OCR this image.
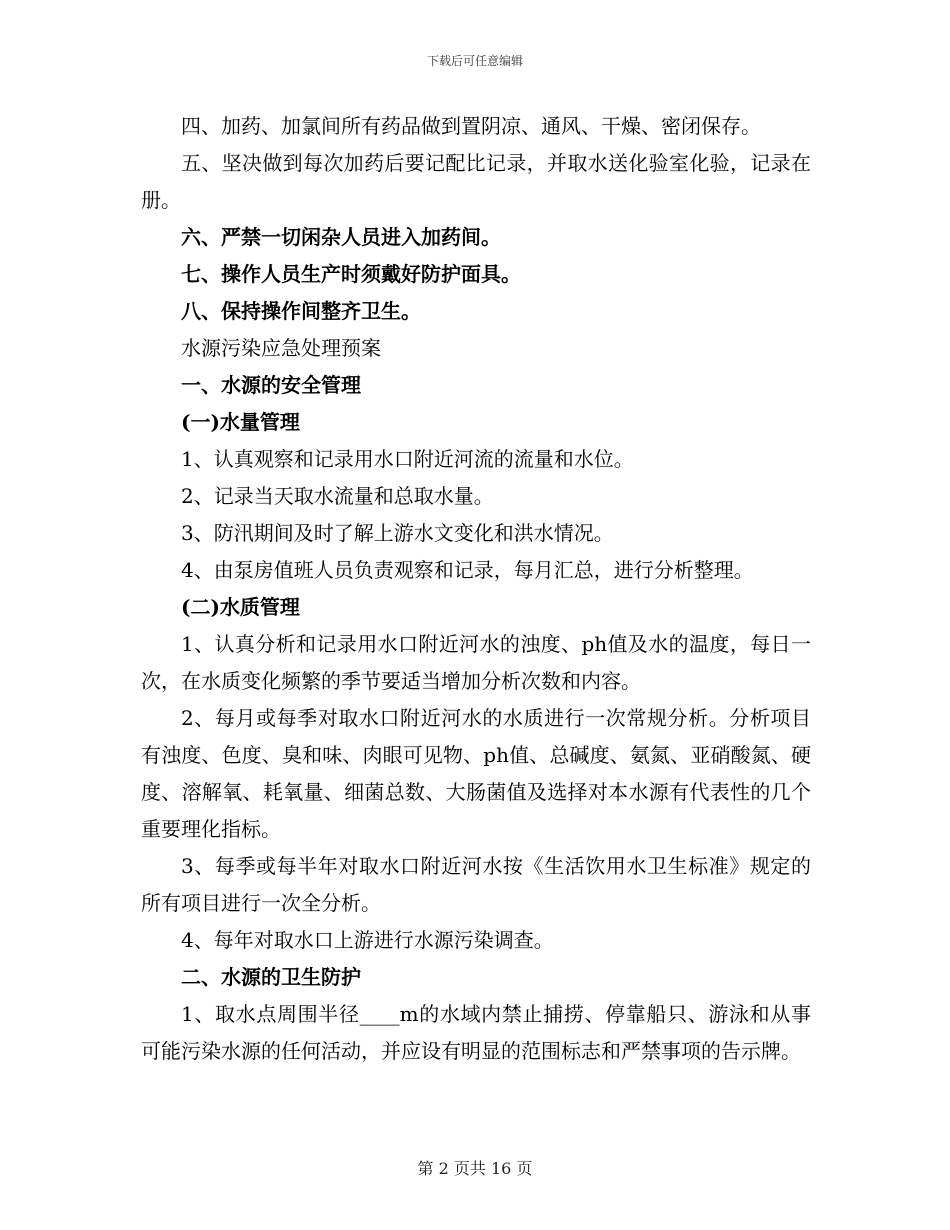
下载后可任意编辑

四、加药、加氯间所有药品做到置阴凉、通风、干燥、密闭保存。

五、坚决做到每次加药后要记配比记录，并取水送化验室化验，记录在册。

六、严禁一切闲杂人员进入加药间。

七、操作人员生产时须戴好防护面具。

八、保持操作间整齐卫生。

水源污染应急处理预案

一、水源的安全管理

(一)水量管理

1、认真观察和记录用水口附近河流的流量和水位。

2、记录当天取水流量和总取水量。

3、防汛期间及时了解上游水文变化和洪水情况。

4、由泵房值班人员负责观察和记录，每月汇总，进行分析整理。

(二)水质管理

1、认真分析和记录用水口附近河水的浊度、ph值及水的温度，每日一次，在水质变化频繁的季节要适当增加分析次数和内容。

2、每月或每季对取水口附近河水的水质进行一次常规分析。分析项目有浊度、色度、臭和味、肉眼可见物、ph值、总碱度、氨氮、亚硝酸氮、硬度、溶解氧、耗氧量、细菌总数、大肠菌值及选择对本水源有代表性的几个重要理化指标。

3、每季或每半年对取水口附近河水按《生活饮用水卫生标准》规定的所有项目进行一次全分析。

4、每年对取水口上游进行水源污染调查。

二、水源的卫生防护

1、取水点周围半径____m的水域内禁止捕捞、停靠船只、游泳和从事可能污染水源的任何活动，并应设有明显的范围标志和严禁事项的告示牌。

第 2 页共 16 页
